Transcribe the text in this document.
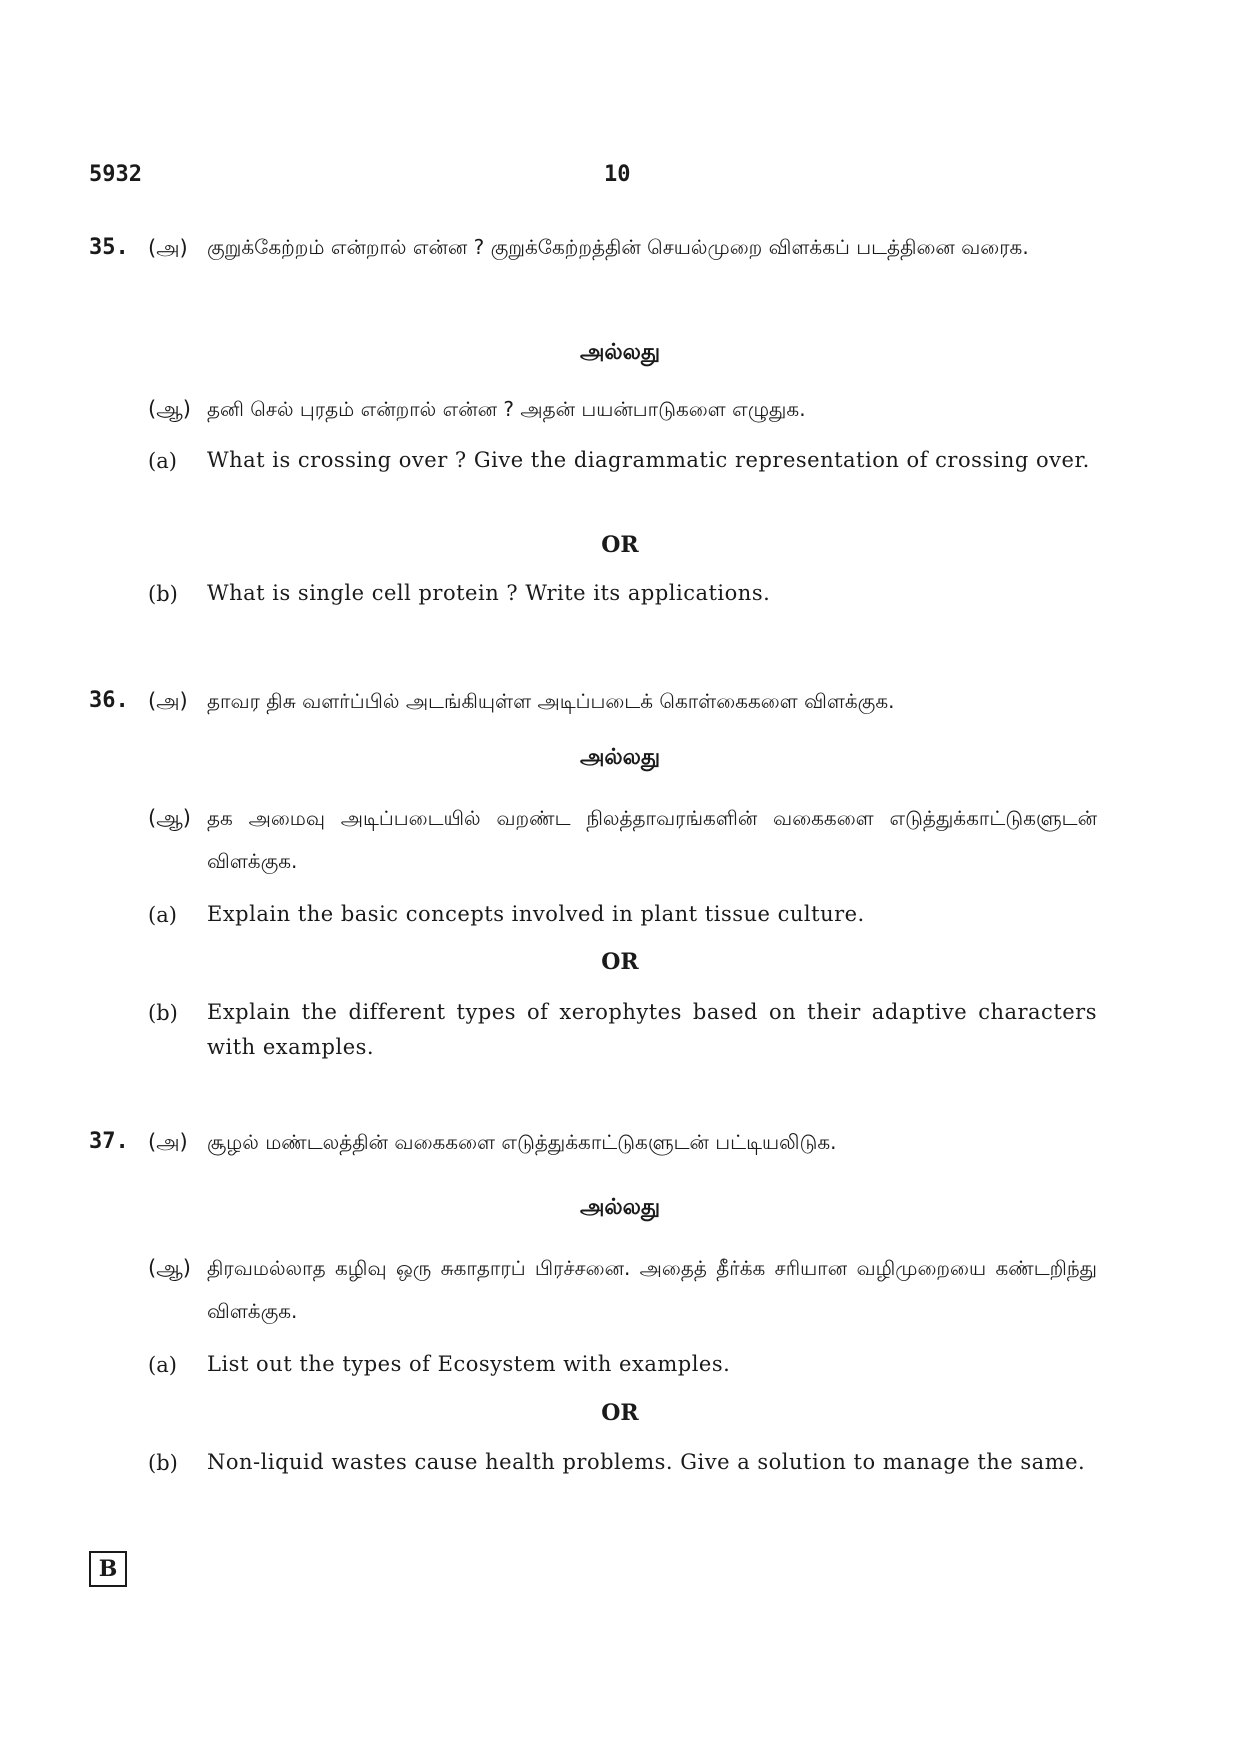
5932	10
35. (அ) குறுக்கேற்றம் என்றால் என்ன ? குறுக்கேற்றத்தின் செயல்முறை விளக்கப் படத்தினை வரைக.
அல்லது
(ஆ) தனி செல் புரதம் என்றால் என்ன ? அதன் பயன்பாடுகளை எழுதுக.
(a) What is crossing over ? Give the diagrammatic representation of crossing over.
OR
(b) What is single cell protein ? Write its applications.
36. (அ) தாவர திசு வளர்ப்பில் அடங்கியுள்ள அடிப்படைக் கொள்கைகளை விளக்குக.
அல்லது
(ஆ) தக அமைவு அடிப்படையில் வறண்ட நிலத்தாவரங்களின் வகைகளை எடுத்துக்காட்டுகளுடன் விளக்குக.
(a) Explain the basic concepts involved in plant tissue culture.
OR
(b) Explain the different types of xerophytes based on their adaptive characters with examples.
37. (அ) சூழல் மண்டலத்தின் வகைகளை எடுத்துக்காட்டுகளுடன் பட்டியலிடுக.
அல்லது
(ஆ) திரவமல்லாத கழிவு ஒரு சுகாதாரப் பிரச்சனை. அதைத் தீர்க்க சரியான வழிமுறையை கண்டறிந்து விளக்குக.
(a) List out the types of Ecosystem with examples.
OR
(b) Non-liquid wastes cause health problems. Give a solution to manage the same.
B
